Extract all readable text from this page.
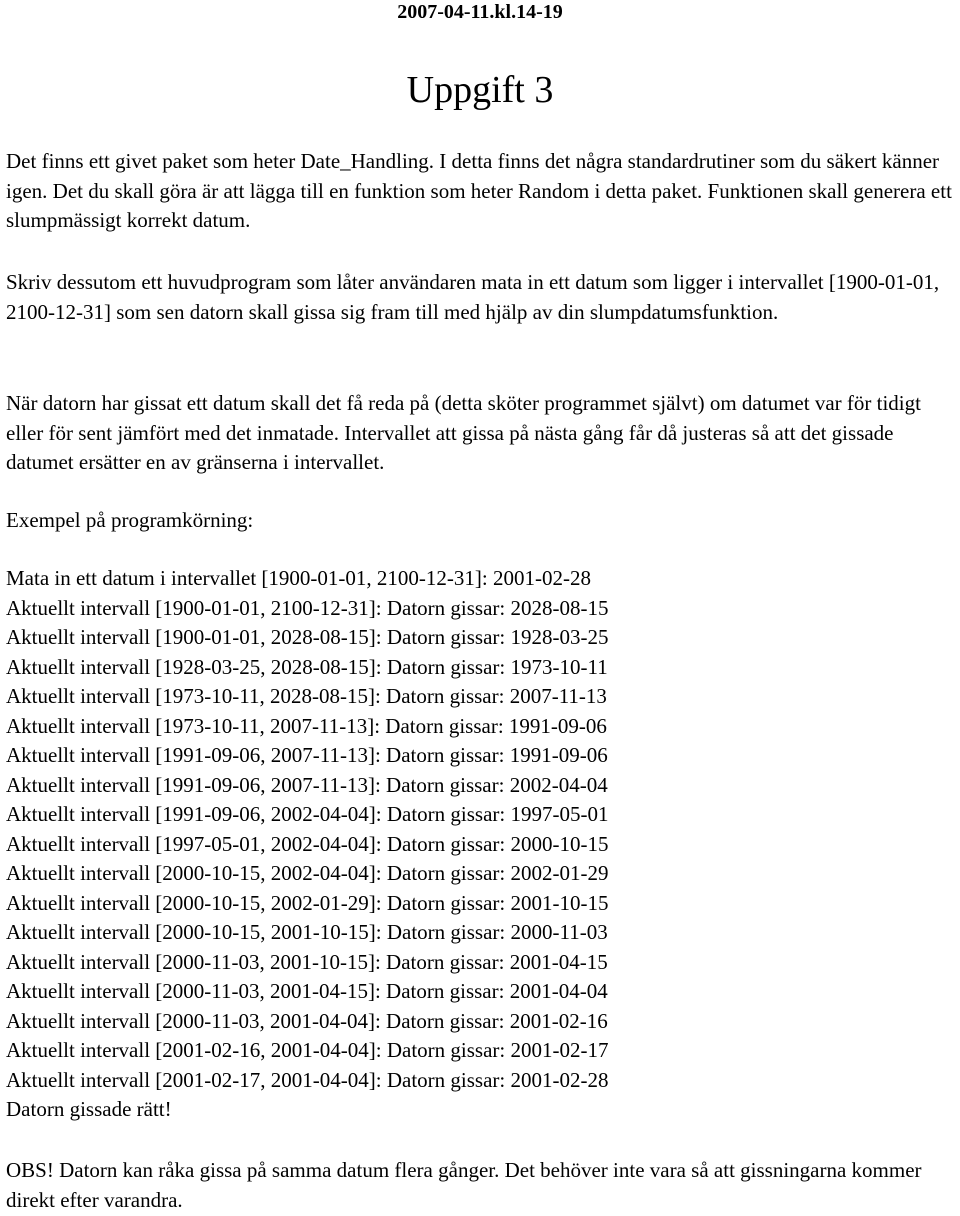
2007-04-11.kl.14-19
Uppgift 3

Det finns ett givet paket som heter Date_Handling. I detta finns det några standardrutiner som du säkert känner igen. Det du skall göra är att lägga till en funktion som heter Random i detta paket. Funktionen skall generera ett slumpmässigt korrekt datum.

Skriv dessutom ett huvudprogram som låter användaren mata in ett datum som ligger i intervallet [1900-01-01, 2100-12-31] som sen datorn skall gissa sig fram till med hjälp av din slumpdatumsfunktion.

När datorn har gissat ett datum skall det få reda på (detta sköter programmet självt) om datumet var för tidigt eller för sent jämfört med det inmatade. Intervallet att gissa på nästa gång får då justeras så att det gissade datumet ersätter en av gränserna i intervallet.

Exempel på programkörning:

Mata in ett datum i intervallet [1900-01-01, 2100-12-31]: 2001-02-28
Aktuellt intervall [1900-01-01, 2100-12-31]: Datorn gissar: 2028-08-15
Aktuellt intervall [1900-01-01, 2028-08-15]: Datorn gissar: 1928-03-25
Aktuellt intervall [1928-03-25, 2028-08-15]: Datorn gissar: 1973-10-11
Aktuellt intervall [1973-10-11, 2028-08-15]: Datorn gissar: 2007-11-13
Aktuellt intervall [1973-10-11, 2007-11-13]: Datorn gissar: 1991-09-06
Aktuellt intervall [1991-09-06, 2007-11-13]: Datorn gissar: 1991-09-06
Aktuellt intervall [1991-09-06, 2007-11-13]: Datorn gissar: 2002-04-04
Aktuellt intervall [1991-09-06, 2002-04-04]: Datorn gissar: 1997-05-01
Aktuellt intervall [1997-05-01, 2002-04-04]: Datorn gissar: 2000-10-15
Aktuellt intervall [2000-10-15, 2002-04-04]: Datorn gissar: 2002-01-29
Aktuellt intervall [2000-10-15, 2002-01-29]: Datorn gissar: 2001-10-15
Aktuellt intervall [2000-10-15, 2001-10-15]: Datorn gissar: 2000-11-03
Aktuellt intervall [2000-11-03, 2001-10-15]: Datorn gissar: 2001-04-15
Aktuellt intervall [2000-11-03, 2001-04-15]: Datorn gissar: 2001-04-04
Aktuellt intervall [2000-11-03, 2001-04-04]: Datorn gissar: 2001-02-16
Aktuellt intervall [2001-02-16, 2001-04-04]: Datorn gissar: 2001-02-17
Aktuellt intervall [2001-02-17, 2001-04-04]: Datorn gissar: 2001-02-28
Datorn gissade rätt!

OBS! Datorn kan råka gissa på samma datum flera gånger. Det behöver inte vara så att gissningarna kommer direkt efter varandra.
